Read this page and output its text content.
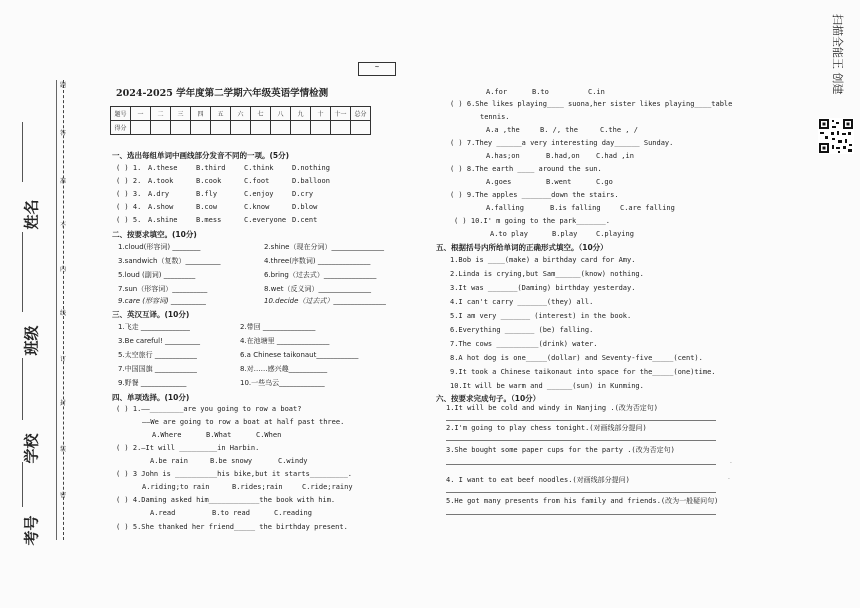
~
2024-2025 学年度第二学期六年级英语学情检测
题号	一	二	三	四	五	六	七	八	九	十	十一	总分
得分												
题
答
准
不
内
线
订
封
装
密
姓名
班级
学校
考号
扫描全能王 创建
一、选出每组单词中画线部分发音不同的一项。(5分)
( ) 1. A.these	B.third	C.think	D.nothing
( ) 2. A.took	B.cook	C.foot	D.balloon
( ) 3. A.dry	B.fly	C.enjoy	D.cry
( ) 4. A.show	B.cow	C.know	D.blow
( ) 5. A.shine	B.mess	C.everyone D.cent
二、按要求填空。(10分)
1.cloud(形容词) ________	2.shine（现在分词）_______________
3.sandwich（复数）__________	4.three(序数词) _______________
5.loud (副词) _________	6.bring（过去式）_______________
7.sun（形容词）__________	8.wet（反义词）_______________
9.care (形容词) __________	10.decide（过去式）_______________
三、英汉互译。(10分)
1.飞走 ______________	2.带回 _______________
3.Be careful! __________	4.在池塘里 _______________
5.太空旅行 ____________	6.a Chinese taikonaut____________
7.中国国旗 ____________	8.对……感兴趣___________
9.野餐 _____________	10.一些乌云_____________
四、单项选择。(10分)
( ) 1.——________are you going to row a boat?
——We are going to row a boat at half past three.
A.Where	B.What	C.When
( ) 2.—It will _________in Harbin.
A.be rain	B.be snowy	C.windy
( ) 3 John is __________his bike,but it starts_________.
A.riding;to rain	B.rides;rain	C.ride;rainy
( ) 4.Daming asked him____________the book with him.
A.read	B.to read	C.reading
( ) 5.She thanked her friend_____ the birthday present.
A.for	B.to	C.in
( ) 6.She likes playing____ suona,her sister likes playing____table
tennis.
A.a ,the	B. /, the	C.the , /
( ) 7.They ______a very interesting day______ Sunday.
A.has;on	B.had,on C.had ,in
( ) 8.The earth ____ around the sun.
A.goes	B.went	C.go
( ) 9.The apples _______down the stairs.
A.falling	B.is falling	C.are falling
( ) 10.I' m going to the park_______.
A.to play	B.play	C.playing
五、根据括号内所给单词的正确形式填空。（10分）
1.Bob is ____(make) a birthday card for Amy.
2.Linda is crying,but Sam______(know) nothing.
3.It was _______(Daming) birthday yesterday.
4.I can't carry _______(they) all.
5.I am very _______ (interest) in the book.
6.Everything _______ (be) falling.
7.The cows __________(drink) water.
8.A hot dog is one_____(dollar) and Seventy-five_____(cent).
9.It took a Chinese taikonaut into space for the_____(one)time.
10.It will be warm and ______(sun) in Kunming.
六、按要求完成句子。（10分）
1.It will be cold and windy in Nanjing .(改为否定句)
2.I'm going to play chess tonight.(对画线部分提问)
3.She bought some paper cups for the party .(改为否定句)
4. I want to eat beef noodles.(对画线部分提问)
5.He got many presents from his family and friends.(改为一般疑问句)
·
·
